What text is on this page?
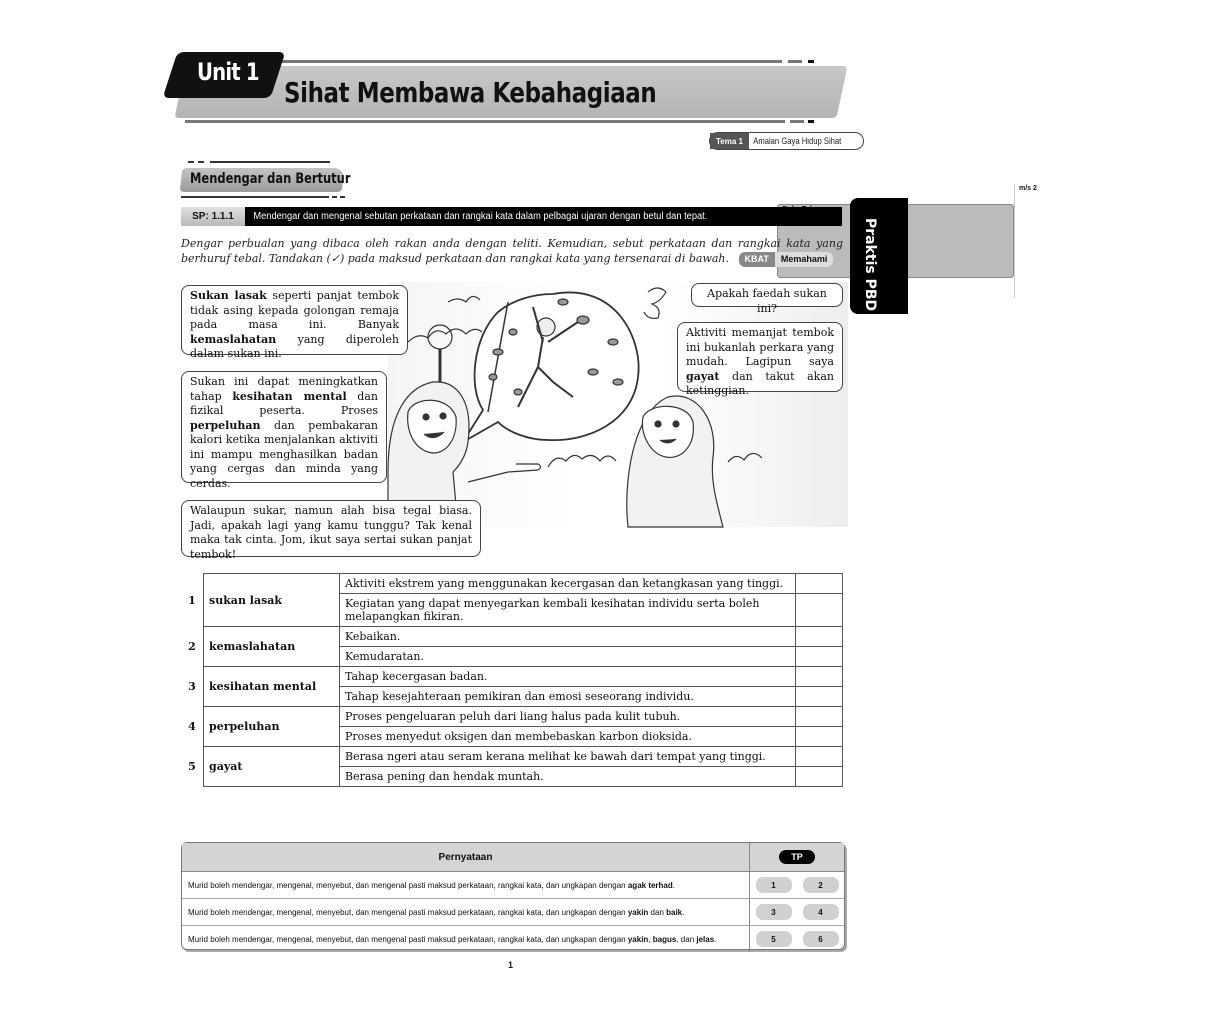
Unit 1
Sihat Membawa Kebahagiaan
Tema 1	Amalan Gaya Hidup Sihat
Mendengar dan Bertutur
m/s 2
Praktis PBD
SP: 1.1.1	Mendengar dan mengenal sebutan perkataan dan rangkai kata dalam pelbagai ujaran dengan betul dan tepat.
Dengar perbualan yang dibaca oleh rakan anda dengan teliti. Kemudian, sebut perkataan dan rangkai kata yang berhuruf tebal. Tandakan (✓) pada maksud perkataan dan rangkai kata yang tersenarai di bawah.	KBAT	Memahami
Sukan lasak seperti panjat tembok tidak asing kepada golongan remaja pada masa ini. Banyak kemaslahatan yang diperoleh dalam sukan ini.
Sukan ini dapat meningkatkan tahap kesihatan mental dan fizikal peserta. Proses perpeluhan dan pembakaran kalori ketika menjalankan aktiviti ini mampu menghasilkan badan yang cergas dan minda yang cerdas.
Walaupun sukar, namun alah bisa tegal biasa. Jadi, apakah lagi yang kamu tunggu? Tak kenal maka tak cinta. Jom, ikut saya sertai sukan panjat tembok!
Apakah faedah sukan ini?
Aktiviti memanjat tembok ini bukanlah perkara yang mudah. Lagipun saya gayat dan takut akan ketinggian.
1	sukan lasak	Aktiviti ekstrem yang menggunakan kecergasan dan ketangkasan yang tinggi.	
		Kegiatan yang dapat menyegarkan kembali kesihatan individu serta boleh melapangkan fikiran.	
2	kemaslahatan	Kebaikan.	
		Kemudaratan.	
3	kesihatan mental	Tahap kecergasan badan.	
		Tahap kesejahteraan pemikiran dan emosi seseorang individu.	
4	perpeluhan	Proses pengeluaran peluh dari liang halus pada kulit tubuh.	
		Proses menyedut oksigen dan membebaskan karbon dioksida.	
5	gayat	Berasa ngeri atau seram kerana melihat ke bawah dari tempat yang tinggi.	
		Berasa pening dan hendak muntah.	
Pernyataan	TP
Murid boleh mendengar, mengenal, menyebut, dan mengenal pasti maksud perkataan, rangkai kata, dan ungkapan dengan agak terhad.	1	2
Murid boleh mendengar, mengenal, menyebut, dan mengenal pasti maksud perkataan, rangkai kata, dan ungkapan dengan yakin dan baik.	3	4
Murid boleh mendengar, mengenal, menyebut, dan mengenal pasti maksud perkataan, rangkai kata, dan ungkapan dengan yakin, bagus, dan jelas.	5	6
1
